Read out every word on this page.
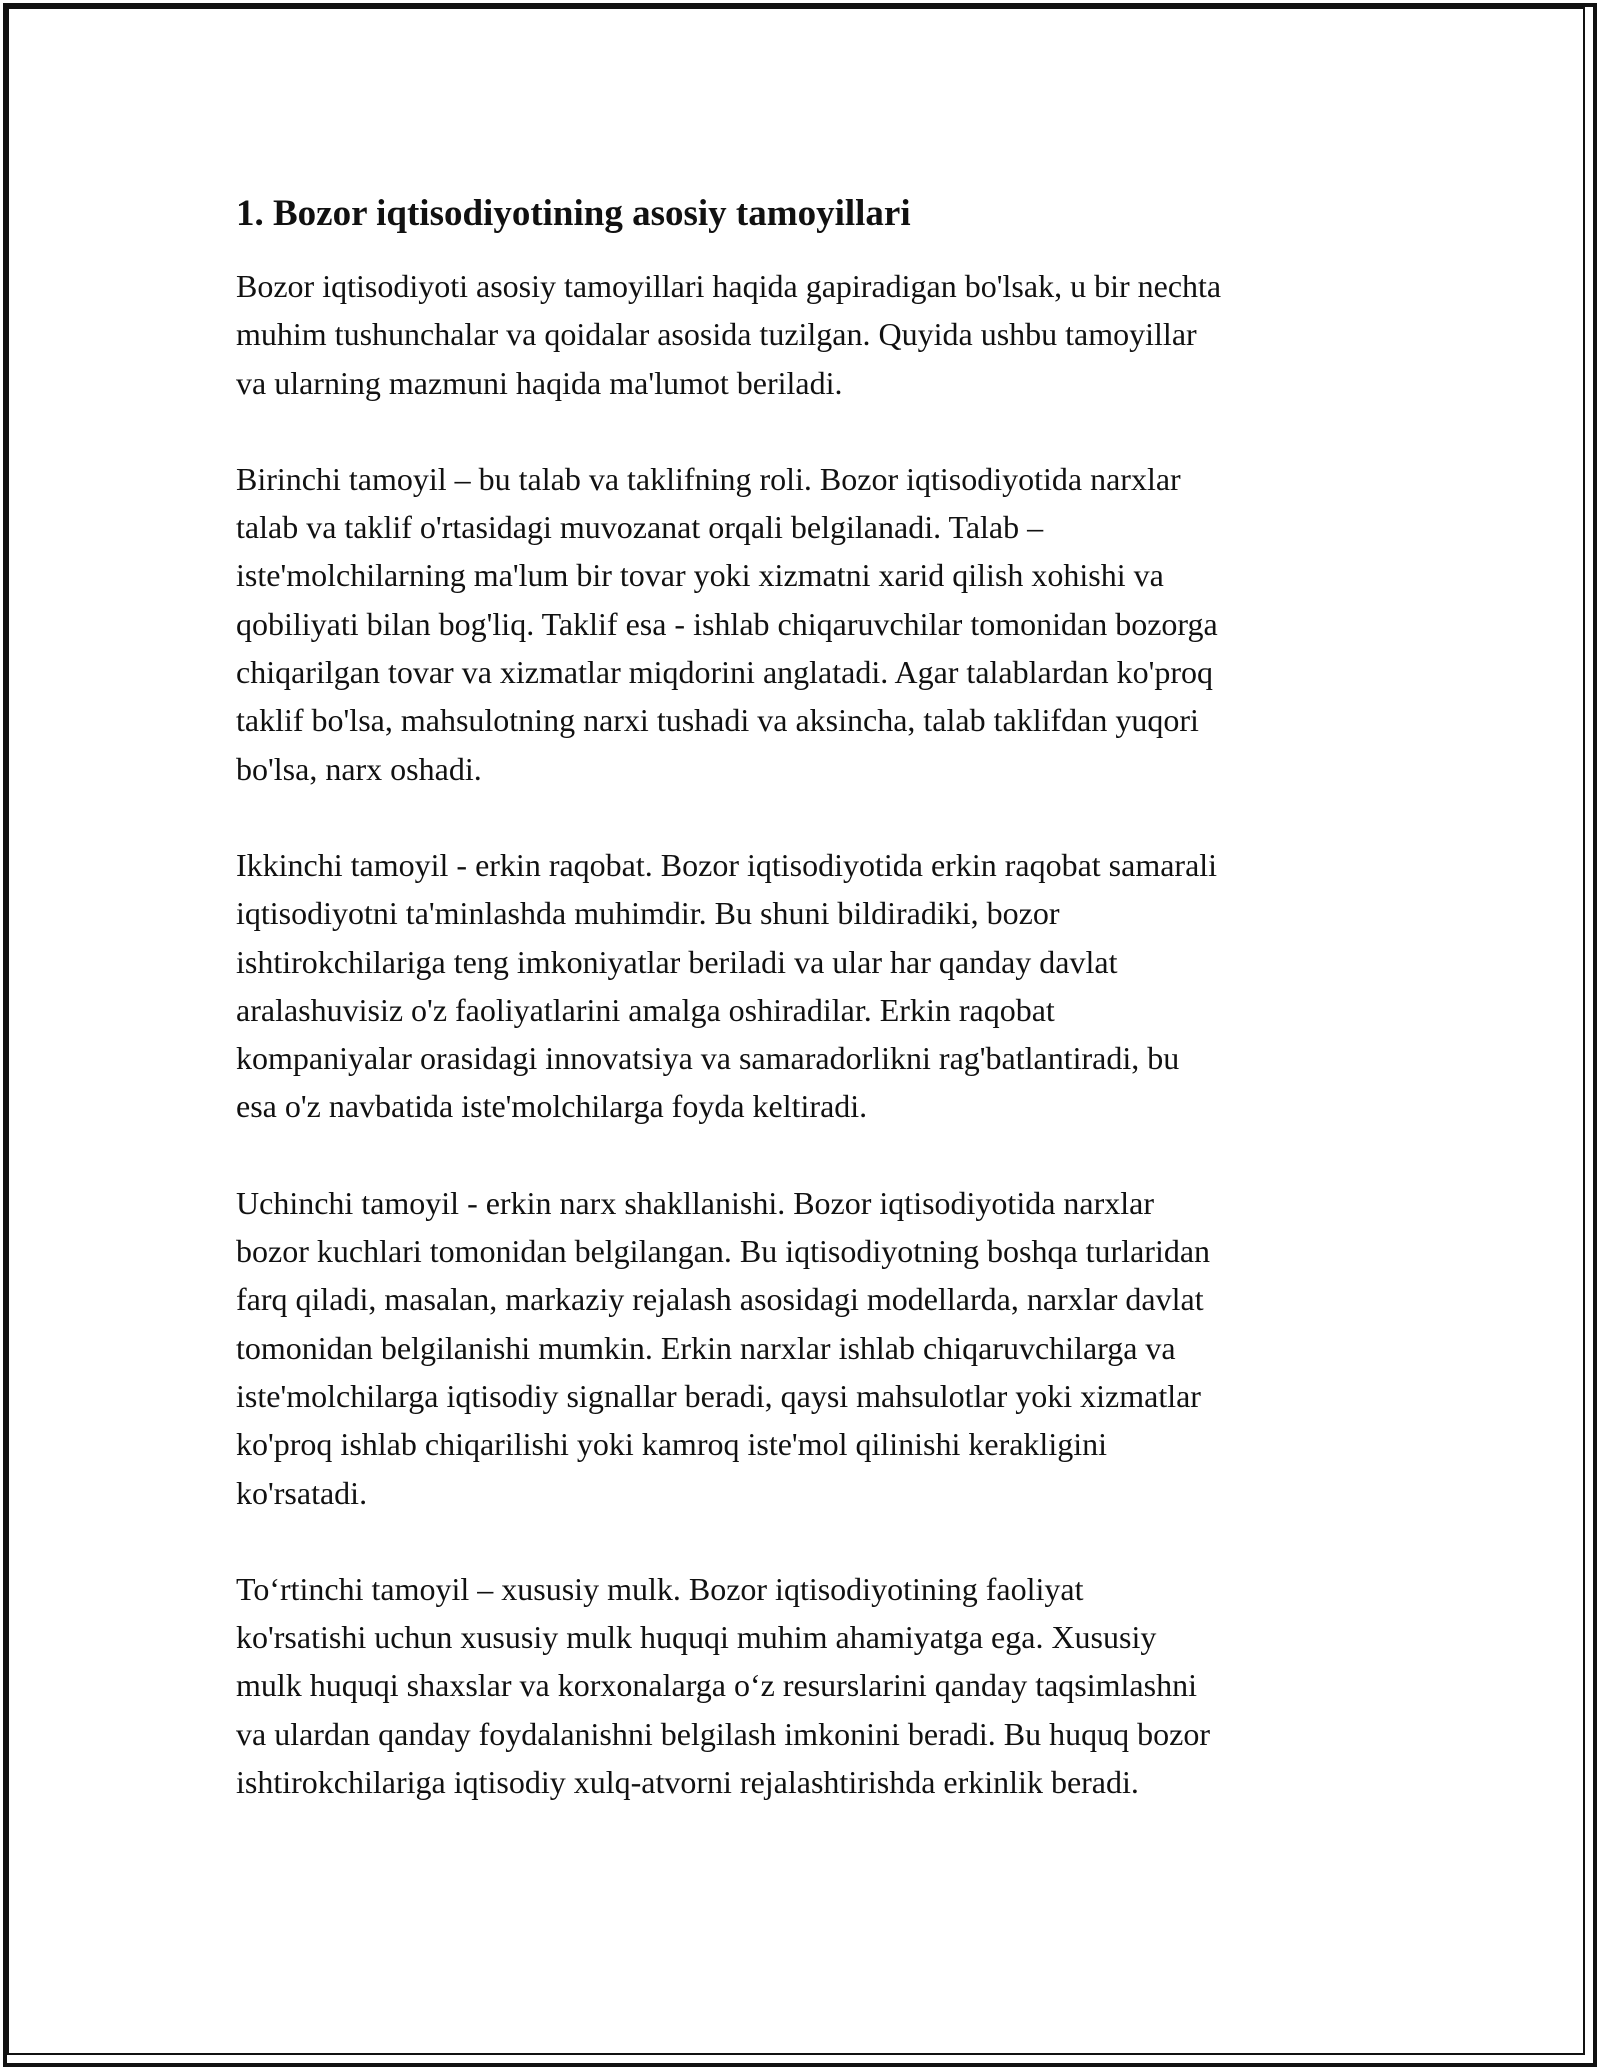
1. Bozor iqtisodiyotining asosiy tamoyillari

Bozor iqtisodiyoti asosiy tamoyillari haqida gapiradigan bo'lsak, u bir nechta
muhim tushunchalar va qoidalar asosida tuzilgan. Quyida ushbu tamoyillar
va ularning mazmuni haqida ma'lumot beriladi.

Birinchi tamoyil – bu talab va taklifning roli. Bozor iqtisodiyotida narxlar
talab va taklif o'rtasidagi muvozanat orqali belgilanadi. Talab –
iste'molchilarning ma'lum bir tovar yoki xizmatni xarid qilish xohishi va
qobiliyati bilan bog'liq. Taklif esa - ishlab chiqaruvchilar tomonidan bozorga
chiqarilgan tovar va xizmatlar miqdorini anglatadi. Agar talablardan ko'proq
taklif bo'lsa, mahsulotning narxi tushadi va aksincha, talab taklifdan yuqori
bo'lsa, narx oshadi.

Ikkinchi tamoyil - erkin raqobat. Bozor iqtisodiyotida erkin raqobat samarali
iqtisodiyotni ta'minlashda muhimdir. Bu shuni bildiradiki, bozor
ishtirokchilariga teng imkoniyatlar beriladi va ular har qanday davlat
aralashuvisiz o'z faoliyatlarini amalga oshiradilar. Erkin raqobat
kompaniyalar orasidagi innovatsiya va samaradorlikni rag'batlantiradi, bu
esa o'z navbatida iste'molchilarga foyda keltiradi.

Uchinchi tamoyil - erkin narx shakllanishi. Bozor iqtisodiyotida narxlar
bozor kuchlari tomonidan belgilangan. Bu iqtisodiyotning boshqa turlaridan
farq qiladi, masalan, markaziy rejalash asosidagi modellarda, narxlar davlat
tomonidan belgilanishi mumkin. Erkin narxlar ishlab chiqaruvchilarga va
iste'molchilarga iqtisodiy signallar beradi, qaysi mahsulotlar yoki xizmatlar
ko'proq ishlab chiqarilishi yoki kamroq iste'mol qilinishi kerakligini
ko'rsatadi.

To‘rtinchi tamoyil – xususiy mulk. Bozor iqtisodiyotining faoliyat
ko'rsatishi uchun xususiy mulk huquqi muhim ahamiyatga ega. Xususiy
mulk huquqi shaxslar va korxonalarga o‘z resurslarini qanday taqsimlashni
va ulardan qanday foydalanishni belgilash imkonini beradi. Bu huquq bozor
ishtirokchilariga iqtisodiy xulq-atvorni rejalashtirishda erkinlik beradi.
